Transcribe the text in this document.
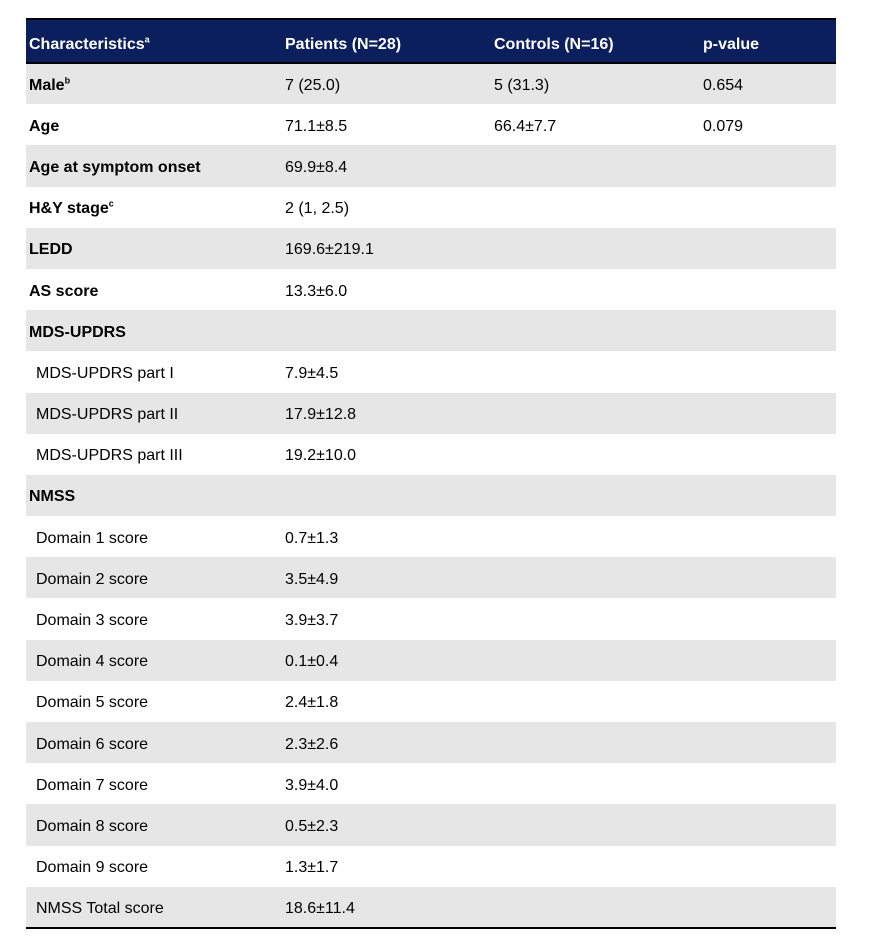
Characteristics$^a$	Patients (N=28)	Controls (N=16)	p-value
Male$^b$	7 (25.0)	5 (31.3)	0.654
Age	71.1±8.5	66.4±7.7	0.079
Age at symptom onset	69.9±8.4		
H&Y stage$^c$	2 (1, 2.5)		
LEDD	169.6±219.1		
AS score	13.3±6.0		
MDS-UPDRS			
MDS-UPDRS part I	7.9±4.5		
MDS-UPDRS part II	17.9±12.8		
MDS-UPDRS part III	19.2±10.0		
NMSS			
Domain 1 score	0.7±1.3		
Domain 2 score	3.5±4.9		
Domain 3 score	3.9±3.7		
Domain 4 score	0.1±0.4		
Domain 5 score	2.4±1.8		
Domain 6 score	2.3±2.6		
Domain 7 score	3.9±4.0		
Domain 8 score	0.5±2.3		
Domain 9 score	1.3±1.7		
NMSS Total score	18.6±11.4		
